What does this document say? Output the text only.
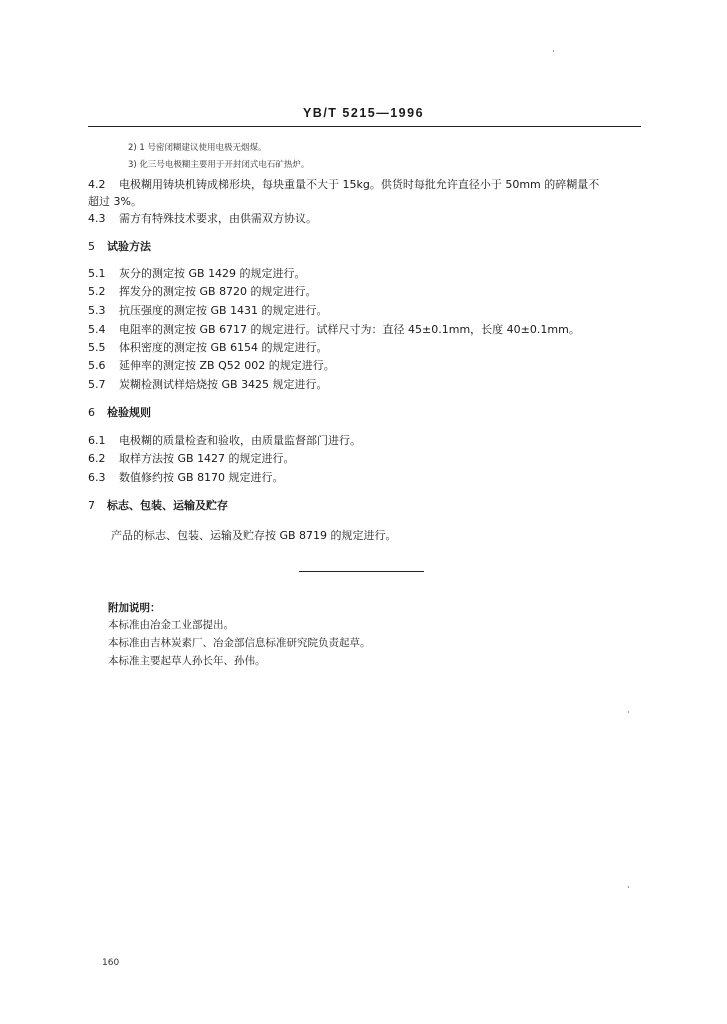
YB/T 5215—1996
2) 1 号密闭糊建议使用电极无烟煤。
3) 化三号电极糊主要用于开封闭式电石矿热炉。
4.2 电极糊用铸块机铸成梯形块，每块重量不大于 15kg。供货时每批允许直径小于 50mm 的碎糊量不
超过 3%。
4.3 需方有特殊技术要求，由供需双方协议。
5 试验方法
5.1 灰分的测定按 GB 1429 的规定进行。
5.2 挥发分的测定按 GB 8720 的规定进行。
5.3 抗压强度的测定按 GB 1431 的规定进行。
5.4 电阻率的测定按 GB 6717 的规定进行。试样尺寸为：直径 45±0.1mm，长度 40±0.1mm。
5.5 体积密度的测定按 GB 6154 的规定进行。
5.6 延伸率的测定按 ZB Q52 002 的规定进行。
5.7 炭糊检测试样焙烧按 GB 3425 规定进行。
6 检验规则
6.1 电极糊的质量检查和验收，由质量监督部门进行。
6.2 取样方法按 GB 1427 的规定进行。
6.3 数值修约按 GB 8170 规定进行。
7 标志、包装、运输及贮存
产品的标志、包装、运输及贮存按 GB 8719 的规定进行。
附加说明：
本标准由冶金工业部提出。
本标准由吉林炭素厂、冶金部信息标准研究院负责起草。
本标准主要起草人孙长年、孙伟。
160
